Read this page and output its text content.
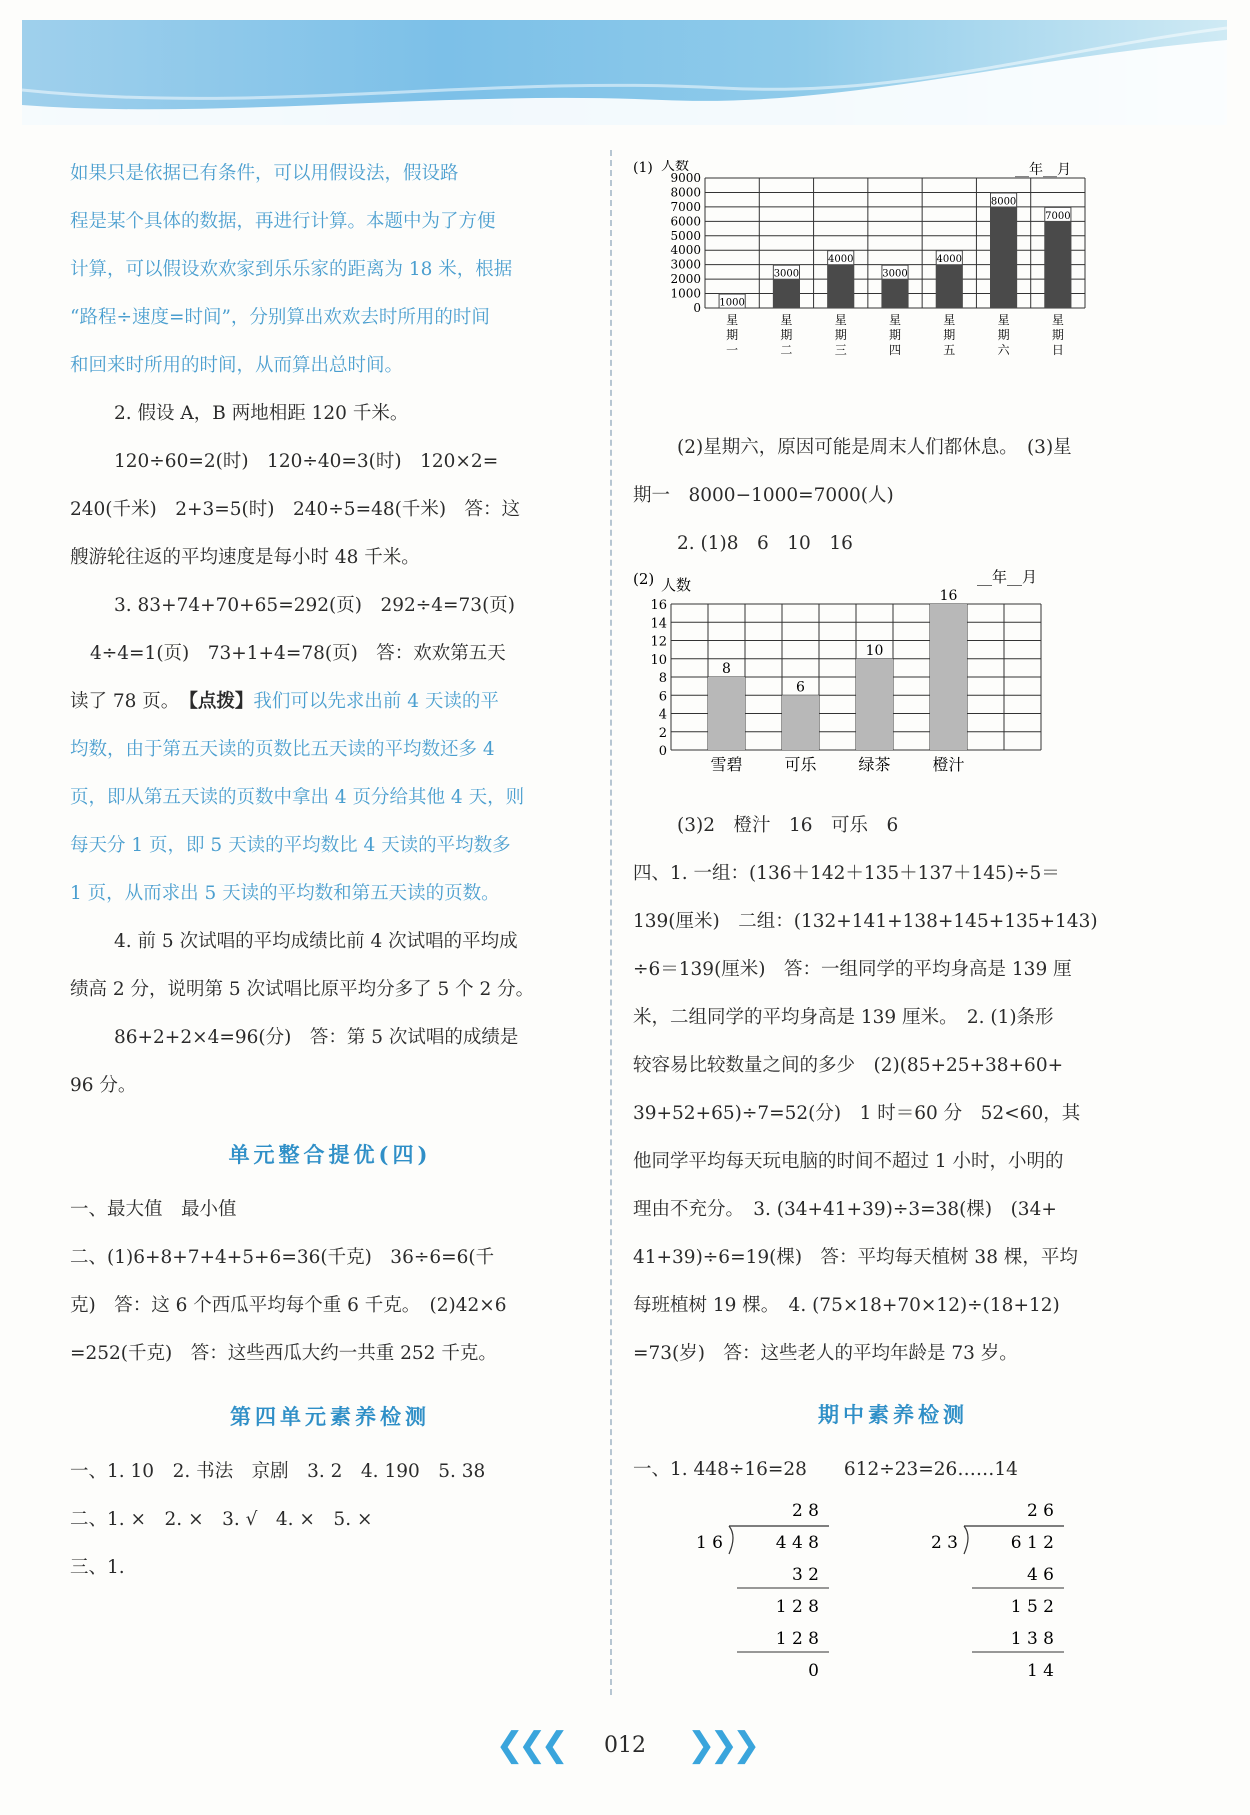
如果只是依据已有条件，可以用假设法，假设路

程是某个具体的数据，再进行计算。本题中为了方便

计算，可以假设欢欢家到乐乐家的距离为 18 米，根据

“路程÷速度=时间”，分别算出欢欢去时所用的时间

和回来时所用的时间，从而算出总时间。

2. 假设 A，B 两地相距 120 千米。

120÷60=2(时)　120÷40=3(时)　120×2=

240(千米)　2+3=5(时)　240÷5=48(千米)　答：这

艘游轮往返的平均速度是每小时 48 千米。

3. 83+74+70+65=292(页)　292÷4=73(页)

4÷4=1(页)　73+1+4=78(页)　答：欢欢第五天

读了 78 页。　 【点拨】我们可以先求出前 4 天读的平

均数，由于第五天读的页数比五天读的平均数还多 4

页，即从第五天读的页数中拿出 4 页分给其他 4 天，则

每天分 1 页，即 5 天读的平均数比 4 天读的平均数多

1 页，从而求出 5 天读的平均数和第五天读的页数。

4. 前 5 次试唱的平均成绩比前 4 次试唱的平均成

绩高 2 分，说明第 5 次试唱比原平均分多了 5 个 2 分。

86+2+2×4=96(分)　答：第 5 次试唱的成绩是

96 分。

单元整合提优(四)

一、最大值　最小值

二、(1)6+8+7+4+5+6=36(千克)　36÷6=6(千

克)　答：这 6 个西瓜平均每个重 6 千克。　(2)42×6

=252(千克)　答：这些西瓜大约一共重 252 千克。

第四单元素养检测

一、1. 10　2. 书法　京剧　3. 2　4. 190　5. 38

二、1. ×　2. ×　3. √　4. ×　5. ×

三、1.

(1) 人数	__年__月
0
1000
2000
3000
4000
5000
6000
7000
8000
9000
1000
3000
4000
3000
4000
8000
7000
星期一
星期二
星期三
星期四
星期五
星期六
星期日

(2)星期六，原因可能是周末人们都休息。　(3)星

期一　8000−1000=7000(人)

2. (1)8　6　10　16

(2) 人数	__年__月
0
2
4
6
8
10
12
14
16
8
雪碧
6
可乐
10
绿茶
16
橙汁

(3)2　橙汁　16　可乐　6

四、1. 一组：(136＋142＋135＋137＋145)÷5＝

139(厘米)　二组：(132+141+138+145+135+143)

÷6＝139(厘米)　答：一组同学的平均身高是 139 厘

米，二组同学的平均身高是 139 厘米。　2. (1)条形

较容易比较数量之间的多少　(2)(85+25+38+60+

39+52+65)÷7=52(分)　1 时＝60 分　52<60，其

他同学平均每天玩电脑的时间不超过 1 小时，小明的

理由不充分。　3. (34+41+39)÷3=38(棵)　(34+

41+39)÷6=19(棵)　答：平均每天植树 38 棵，平均

每班植树 19 棵。　4. (75×18+70×12)÷(18+12)

=73(岁)　答：这些老人的平均年龄是 73 岁。

期中素养检测

一、1. 448÷16=28　　612÷23=26……14

2 8
1 6	4 4 8
3 2
1 2 8
1 2 8
0
2 6
2 3	6 1 2
4 6
1 5 2
1 3 8
1 4
❮❮❮ 012 ❯❯❯
